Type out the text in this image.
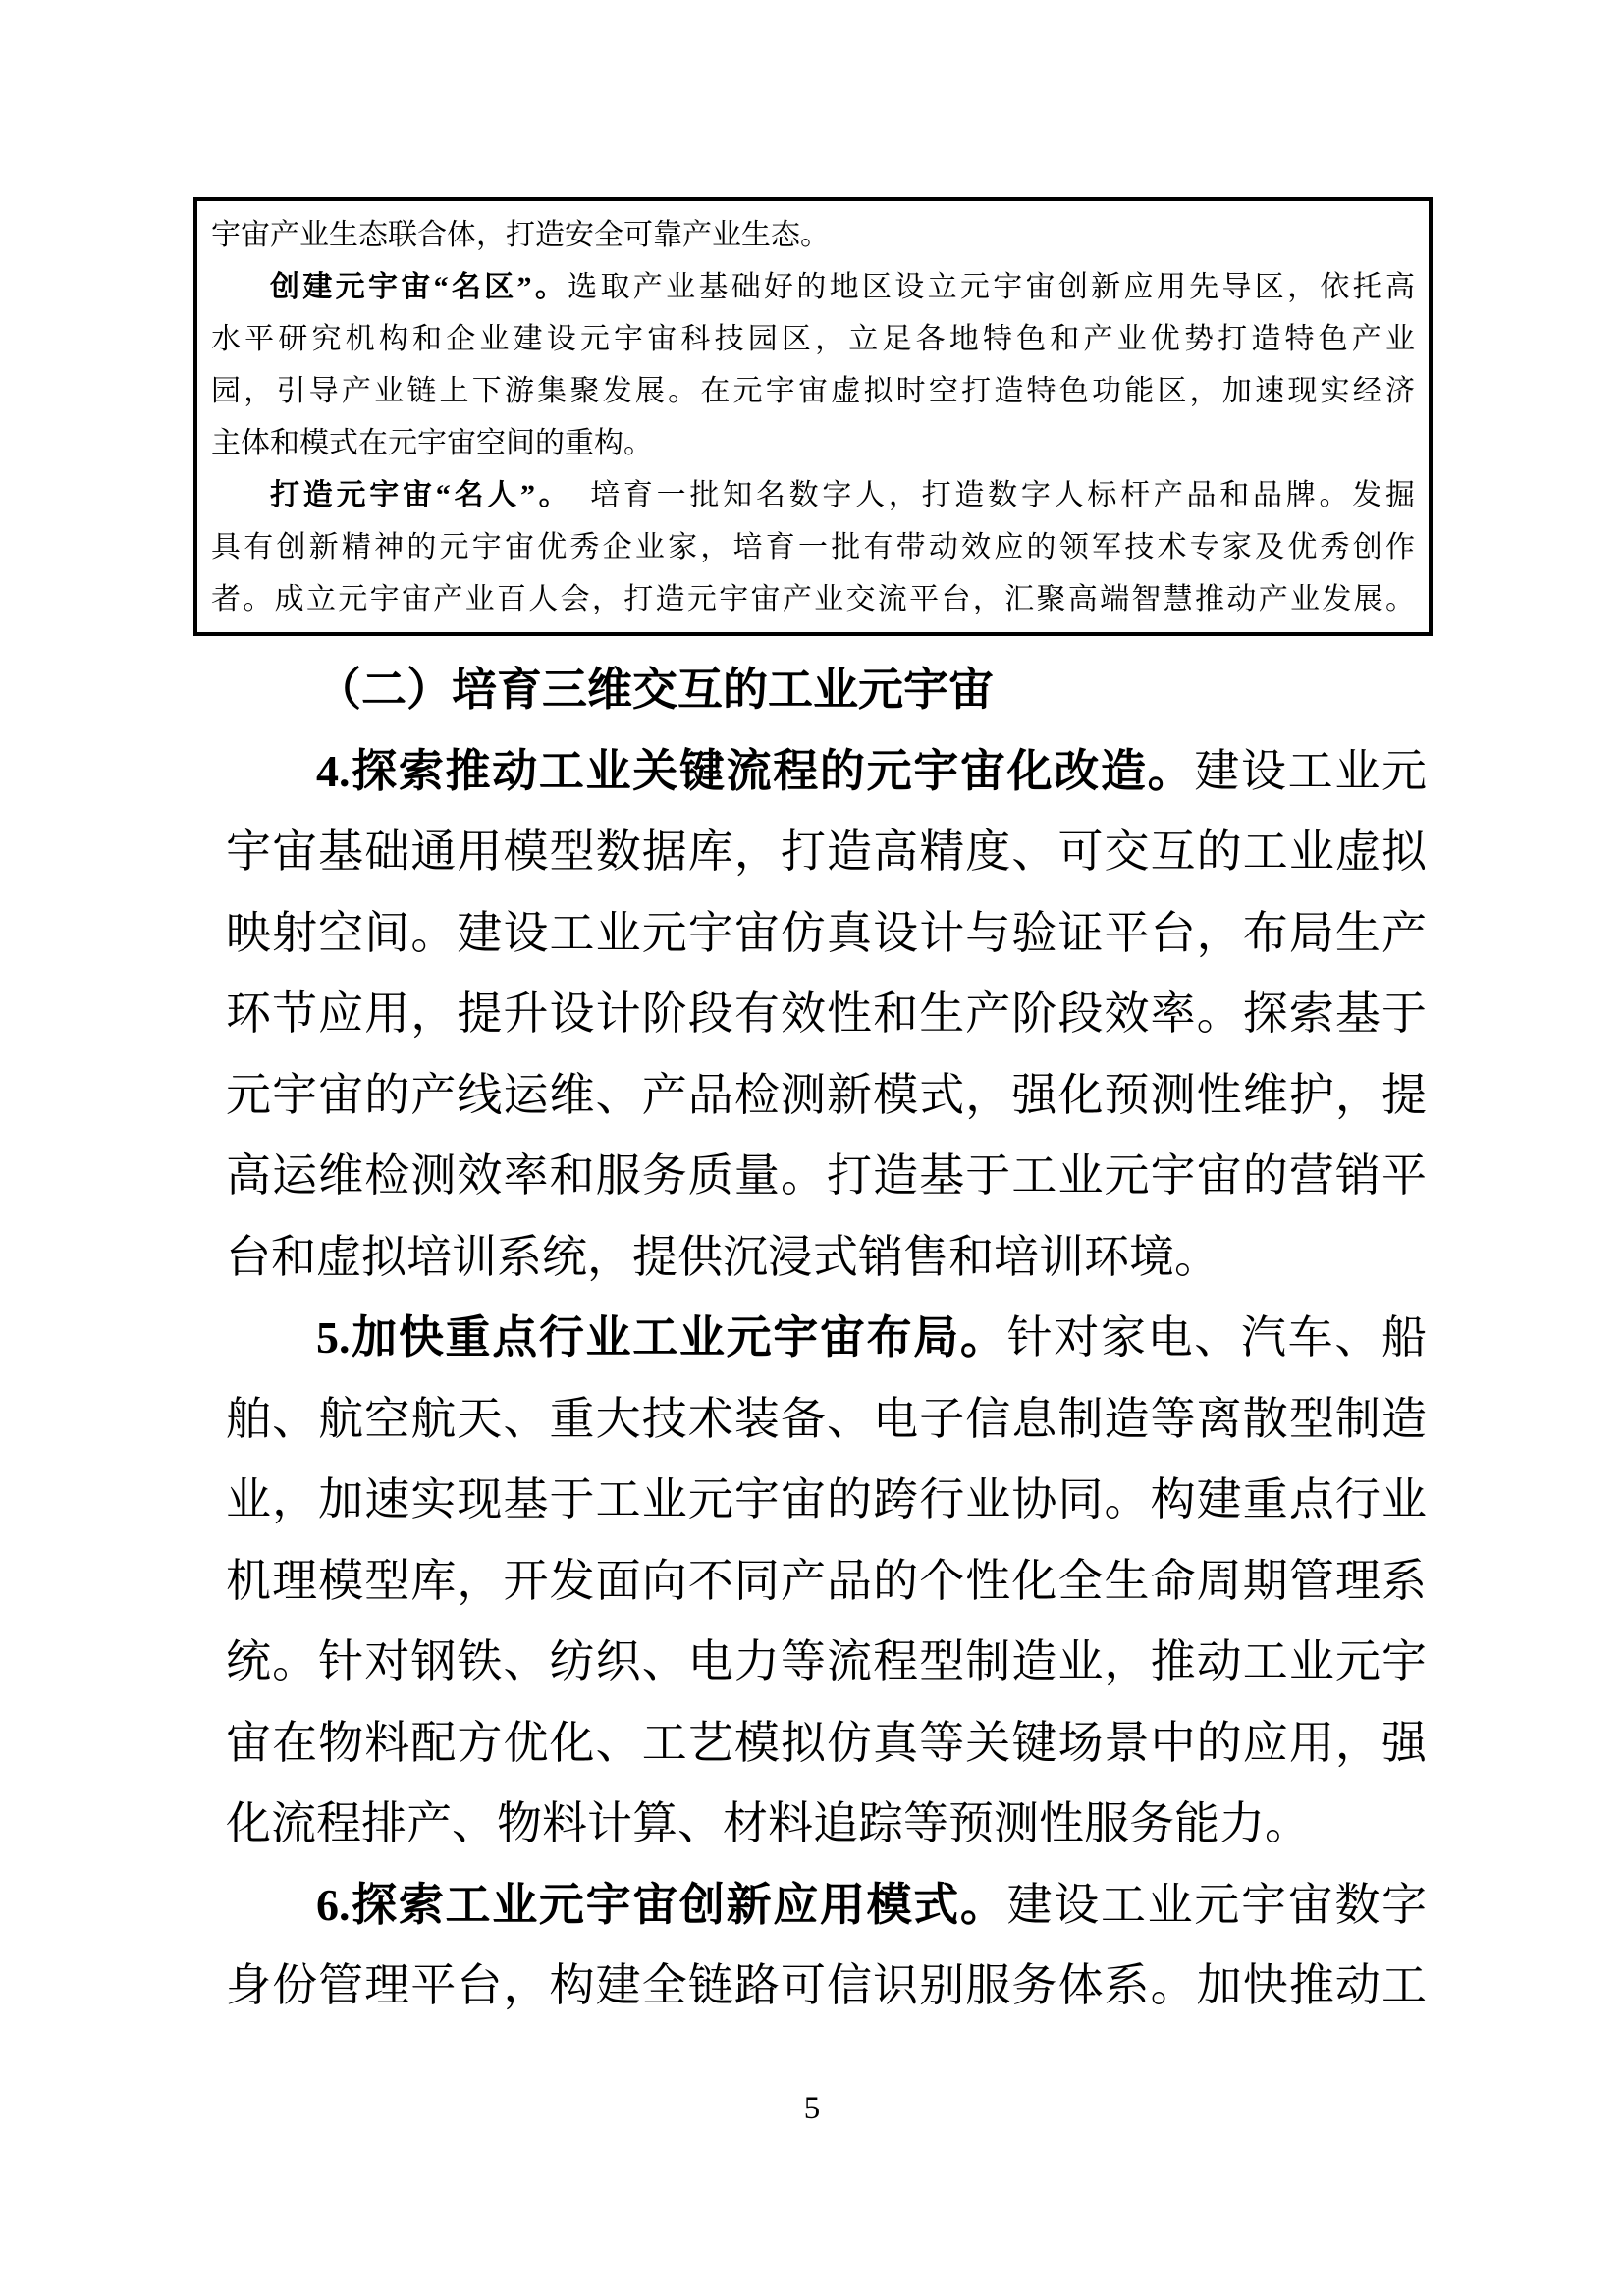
宇宙产业生态联合体，打造安全可靠产业生态。
创建元宇宙“名区”。选取产业基础好的地区设立元宇宙创新应用先导区，依托高
水平研究机构和企业建设元宇宙科技园区，立足各地特色和产业优势打造特色产业
园，引导产业链上下游集聚发展。在元宇宙虚拟时空打造特色功能区，加速现实经济
主体和模式在元宇宙空间的重构。
打造元宇宙“名人”。　培育一批知名数字人，打造数字人标杆产品和品牌。发掘
具有创新精神的元宇宙优秀企业家，培育一批有带动效应的领军技术专家及优秀创作
者。成立元宇宙产业百人会，打造元宇宙产业交流平台，汇聚高端智慧推动产业发展。
（二）培育三维交互的工业元宇宙
4.探索推动工业关键流程的元宇宙化改造。建设工业元
宇宙基础通用模型数据库，打造高精度、可交互的工业虚拟
映射空间。建设工业元宇宙仿真设计与验证平台，布局生产
环节应用，提升设计阶段有效性和生产阶段效率。探索基于
元宇宙的产线运维、产品检测新模式，强化预测性维护，提
高运维检测效率和服务质量。打造基于工业元宇宙的营销平
台和虚拟培训系统，提供沉浸式销售和培训环境。
5.加快重点行业工业元宇宙布局。针对家电、汽车、船
舶、航空航天、重大技术装备、电子信息制造等离散型制造
业，加速实现基于工业元宇宙的跨行业协同。构建重点行业
机理模型库，开发面向不同产品的个性化全生命周期管理系
统。针对钢铁、纺织、电力等流程型制造业，推动工业元宇
宙在物料配方优化、工艺模拟仿真等关键场景中的应用，强
化流程排产、物料计算、材料追踪等预测性服务能力。
6.探索工业元宇宙创新应用模式。建设工业元宇宙数字
身份管理平台，构建全链路可信识别服务体系。加快推动工
5
